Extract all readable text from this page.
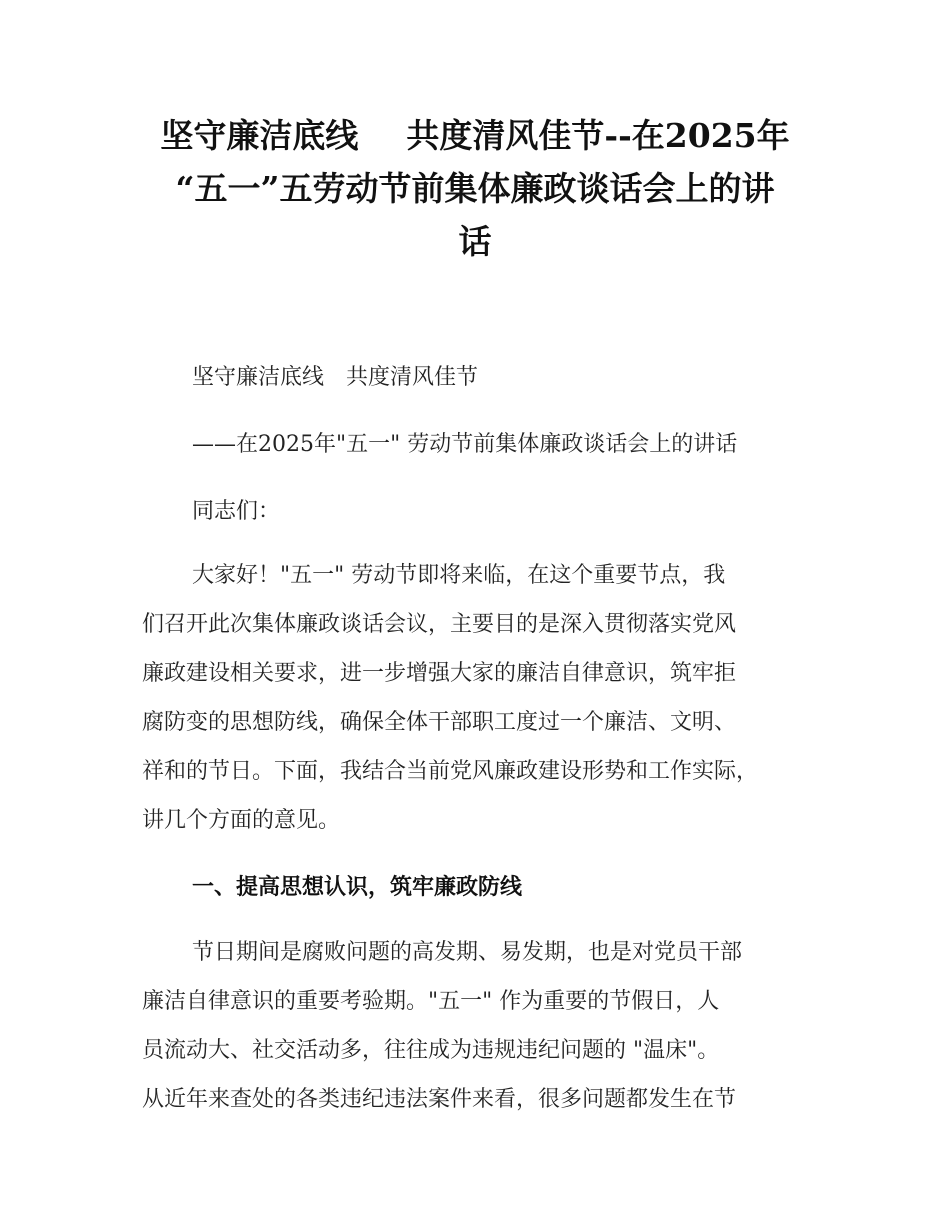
坚守廉洁底线 共度清风佳节--在2025年
“五一”五劳动节前集体廉政谈话会上的讲
话
坚守廉洁底线　共度清风佳节
——在2025年"五一" 劳动节前集体廉政谈话会上的讲话
同志们：
大家好！"五一" 劳动节即将来临，在这个重要节点，我
们召开此次集体廉政谈话会议，主要目的是深入贯彻落实党风
廉政建设相关要求，进一步增强大家的廉洁自律意识，筑牢拒
腐防变的思想防线，确保全体干部职工度过一个廉洁、文明、
祥和的节日。下面，我结合当前党风廉政建设形势和工作实际，
讲几个方面的意见。
一、提高思想认识，筑牢廉政防线
节日期间是腐败问题的高发期、易发期，也是对党员干部
廉洁自律意识的重要考验期。"五一" 作为重要的节假日，人
员流动大、社交活动多，往往成为违规违纪问题的 "温床"。
从近年来查处的各类违纪违法案件来看，很多问题都发生在节
